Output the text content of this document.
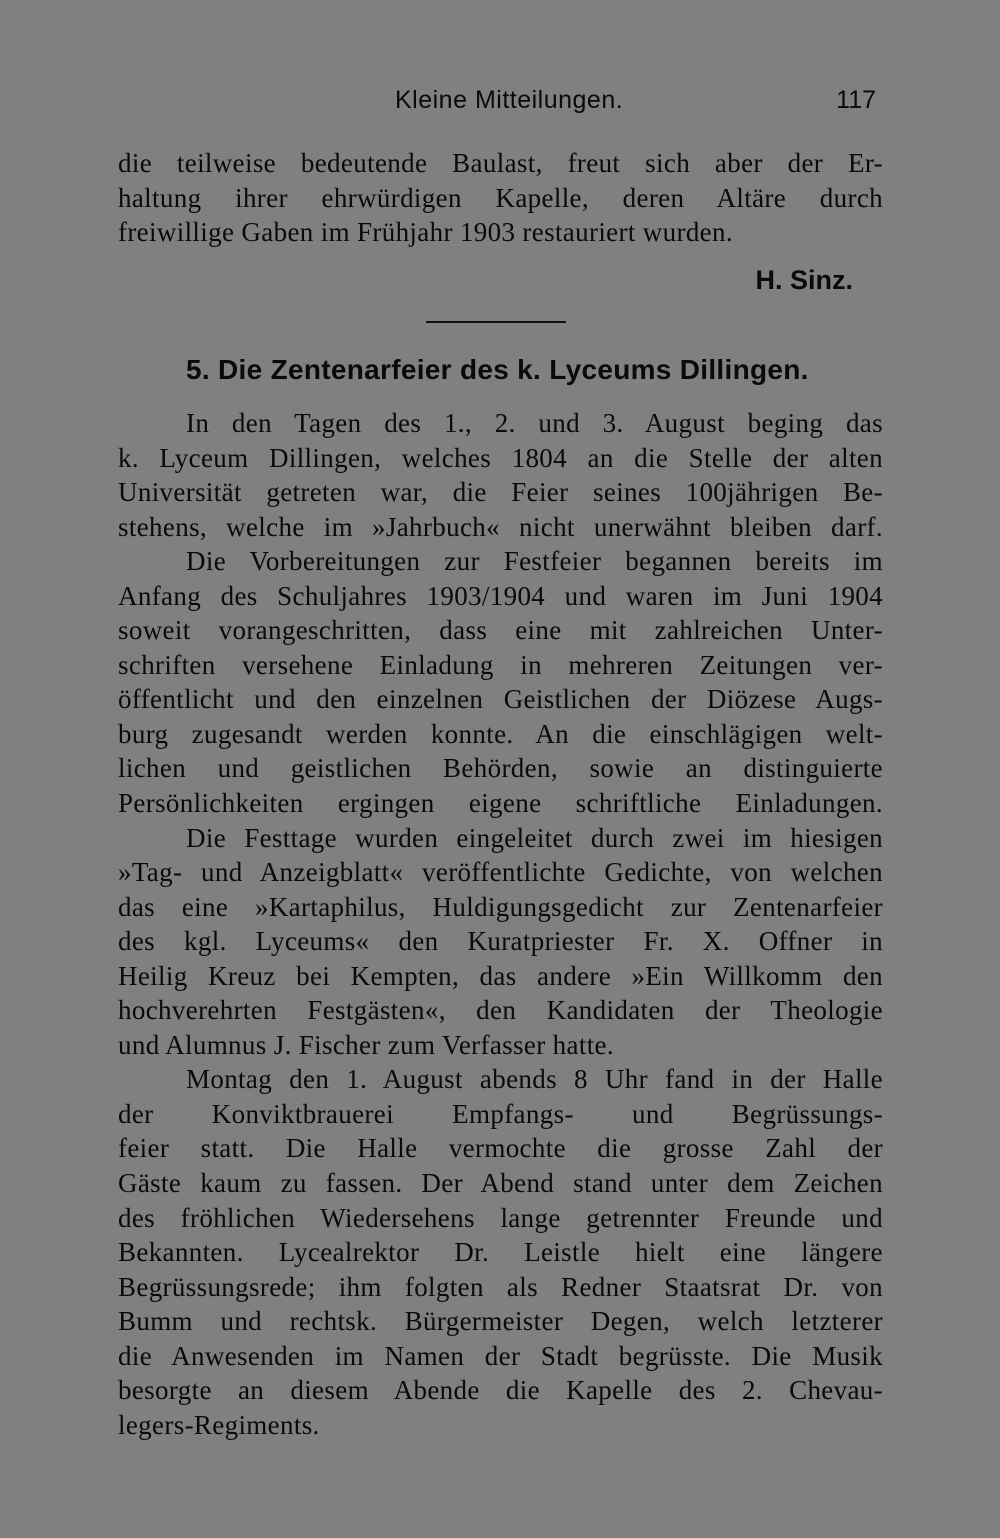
Kleine Mitteilungen.	117
die teilweise bedeutende Baulast, freut sich aber der Er-
haltung ihrer ehrwürdigen Kapelle, deren Altäre durch
freiwillige Gaben im Frühjahr 1903 restauriert wurden.
H. Sinz.
5. Die Zentenarfeier des k. Lyceums Dillingen.
In den Tagen des 1., 2. und 3. August beging das
k. Lyceum Dillingen, welches 1804 an die Stelle der alten
Universität getreten war, die Feier seines 100jährigen Be-
stehens, welche im »Jahrbuch« nicht unerwähnt bleiben darf.
Die Vorbereitungen zur Festfeier begannen bereits im
Anfang des Schuljahres 1903/1904 und waren im Juni 1904
soweit vorangeschritten, dass eine mit zahlreichen Unter-
schriften versehene Einladung in mehreren Zeitungen ver-
öffentlicht und den einzelnen Geistlichen der Diözese Augs-
burg zugesandt werden konnte. An die einschlägigen welt-
lichen und geistlichen Behörden, sowie an distinguierte
Persönlichkeiten ergingen eigene schriftliche Einladungen.
Die Festtage wurden eingeleitet durch zwei im hiesigen
»Tag- und Anzeigblatt« veröffentlichte Gedichte, von welchen
das eine »Kartaphilus, Huldigungsgedicht zur Zentenarfeier
des kgl. Lyceums« den Kuratpriester Fr. X. Offner in
Heilig Kreuz bei Kempten, das andere »Ein Willkomm den
hochverehrten Festgästen«, den Kandidaten der Theologie
und Alumnus J. Fischer zum Verfasser hatte.
Montag den 1. August abends 8 Uhr fand in der Halle
der Konviktbrauerei Empfangs- und Begrüssungs-
feier statt. Die Halle vermochte die grosse Zahl der
Gäste kaum zu fassen. Der Abend stand unter dem Zeichen
des fröhlichen Wiedersehens lange getrennter Freunde und
Bekannten. Lycealrektor Dr. Leistle hielt eine längere
Begrüssungsrede; ihm folgten als Redner Staatsrat Dr. von
Bumm und rechtsk. Bürgermeister Degen, welch letzterer
die Anwesenden im Namen der Stadt begrüsste. Die Musik
besorgte an diesem Abende die Kapelle des 2. Chevau-
legers-Regiments.
